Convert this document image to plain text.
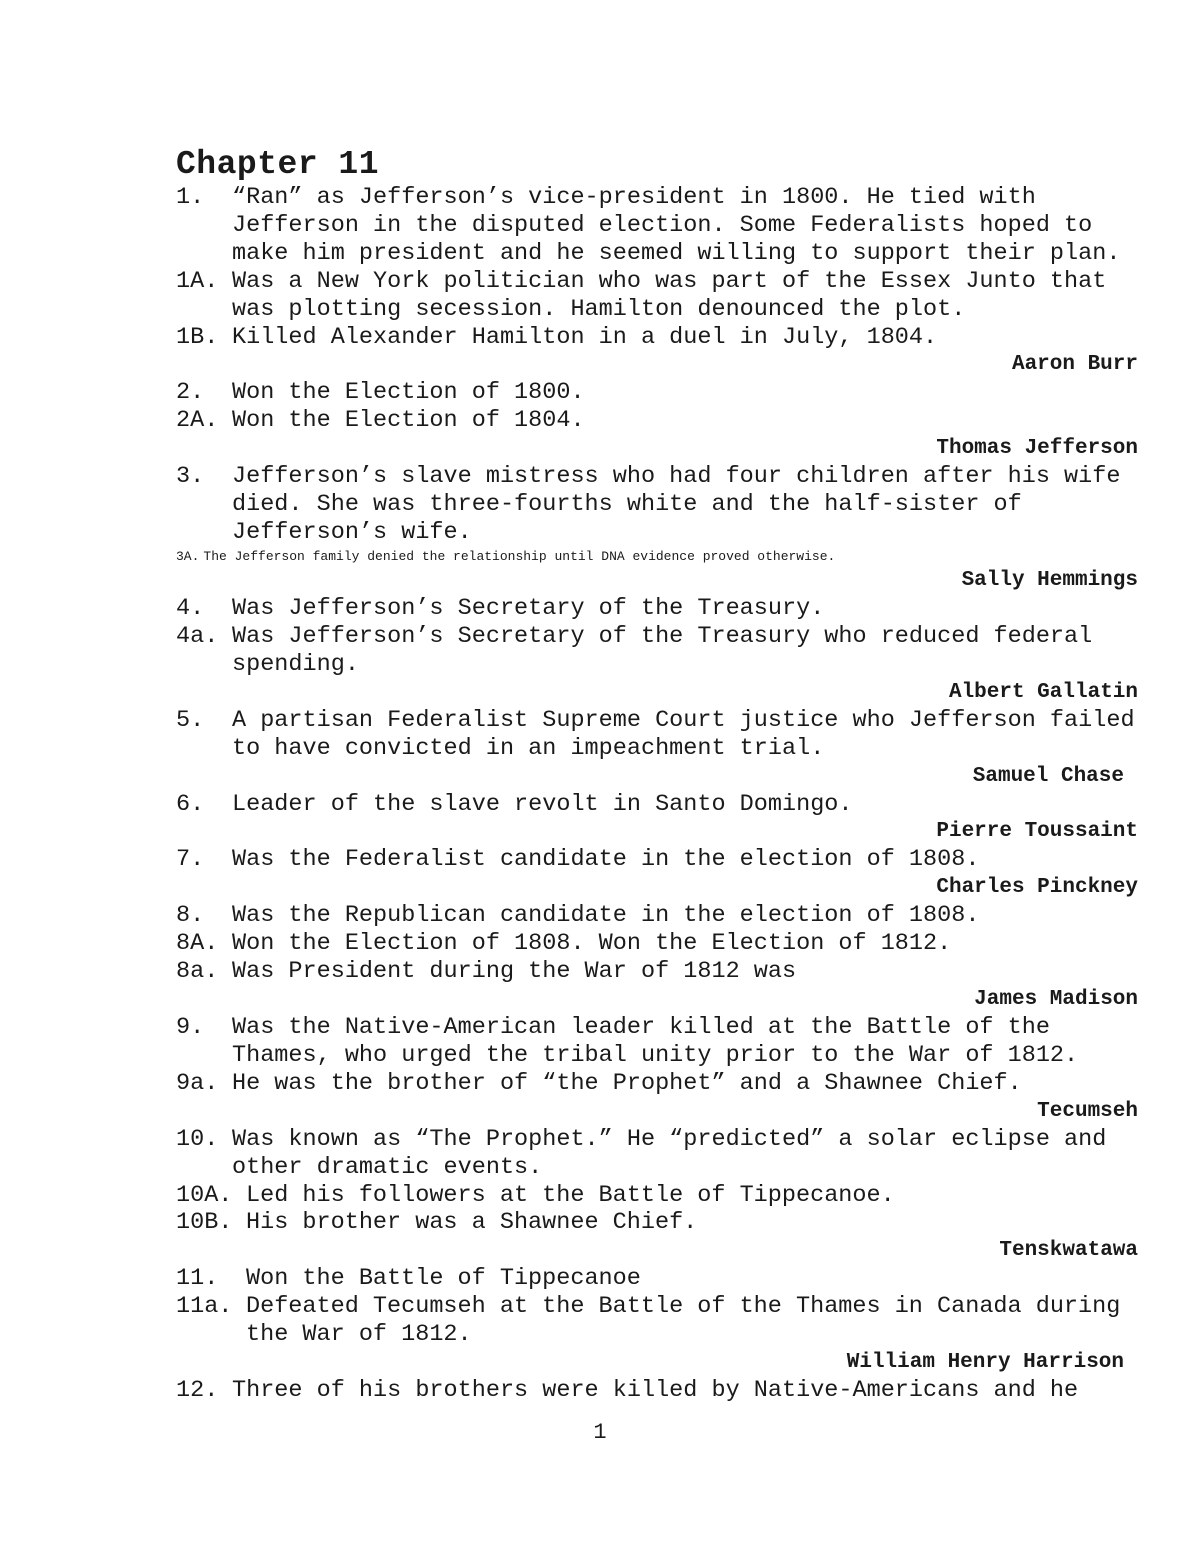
Chapter 11
1.	“Ran” as Jefferson’s vice-president in 1800. He tied with Jefferson in the disputed election. Some Federalists hoped to make him president and he seemed willing to support their plan.
1A. Was a New York politician who was part of the Essex Junto that was plotting secession. Hamilton denounced the plot.
1B. Killed Alexander Hamilton in a duel in July, 1804.
Aaron Burr
2.	Won the Election of 1800.
2A. Won the Election of 1804.
Thomas Jefferson
3.	Jefferson’s slave mistress who had four children after his wife died. She was three-fourths white and the half-sister of Jefferson’s wife.
3A. The Jefferson family denied the relationship until DNA evidence proved otherwise.
Sally Hemmings
4.	Was Jefferson’s Secretary of the Treasury.
4a. Was Jefferson’s Secretary of the Treasury who reduced federal spending.
Albert Gallatin
5.	A partisan Federalist Supreme Court justice who Jefferson failed to have convicted in an impeachment trial.
Samuel Chase
6.	Leader of the slave revolt in Santo Domingo.
Pierre Toussaint
7.	Was the Federalist candidate in the election of 1808.
Charles Pinckney
8.	Was the Republican candidate in the election of 1808.
8A. Won the Election of 1808. Won the Election of 1812.
8a. Was President during the War of 1812 was
James Madison
9.	Was the Native-American leader killed at the Battle of the Thames, who urged the tribal unity prior to the War of 1812.
9a. He was the brother of “the Prophet” and a Shawnee Chief.
Tecumseh
10. Was known as “The Prophet.” He “predicted” a solar eclipse and other dramatic events.
10A. Led his followers at the Battle of Tippecanoe.
10B. His brother was a Shawnee Chief.
Tenskwatawa
11.	Won the Battle of Tippecanoe
11a. Defeated Tecumseh at the Battle of the Thames in Canada during the War of 1812.
William Henry Harrison
12. Three of his brothers were killed by Native-Americans and he
1
